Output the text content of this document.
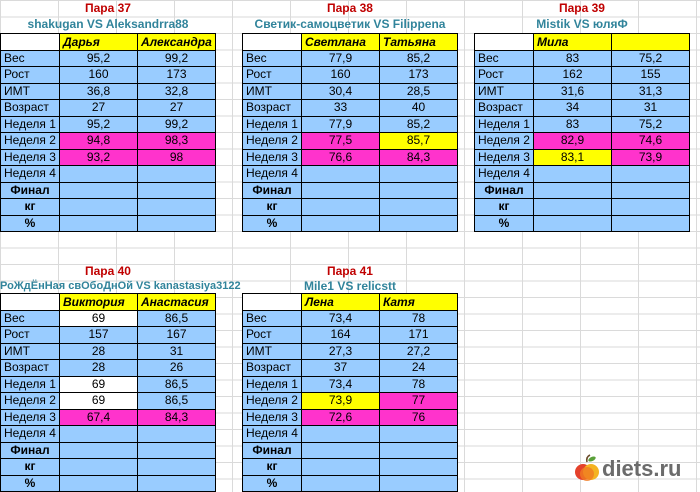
Пара 37
shakugan VS Aleksandrra88
	Дарья	Александра
Вес	95,2	99,2
Рост	160	173
ИМТ	36,8	32,8
Возраст	27	27
Неделя 1	95,2	99,2
Неделя 2	94,8	98,3
Неделя 3	93,2	98
Неделя 4		
Финал		
кг		
%		
Пара 38
Светик-самоцветик VS Filippena
	Светлана	Татьяна
Вес	77,9	85,2
Рост	160	173
ИМТ	30,4	28,5
Возраст	33	40
Неделя 1	77,9	85,2
Неделя 2	77,5	85,7
Неделя 3	76,6	84,3
Неделя 4		
Финал		
кг		
%		
Пара 39
Mistik VS юляФ
	Мила	
Вес	83	75,2
Рост	162	155
ИМТ	31,6	31,3
Возраст	34	31
Неделя 1	83	75,2
Неделя 2	82,9	74,6
Неделя 3	83,1	73,9
Неделя 4		
Финал		
кг		
%		
Пара 40
РоЖдЁнНая свОбоДнОй VS kanastasiya3122
	Виктория	Анастасия
Вес	69	86,5
Рост	157	167
ИМТ	28	31
Возраст	28	26
Неделя 1	69	86,5
Неделя 2	69	86,5
Неделя 3	67,4	84,3
Неделя 4		
Финал		
кг		
%		
Пара 41
Mile1 VS relicstt
	Лена	Катя
Вес	73,4	78
Рост	164	171
ИМТ	27,3	27,2
Возраст	37	24
Неделя 1	73,4	78
Неделя 2	73,9	77
Неделя 3	72,6	76
Неделя 4		
Финал		
кг		
%		
diets.ru
